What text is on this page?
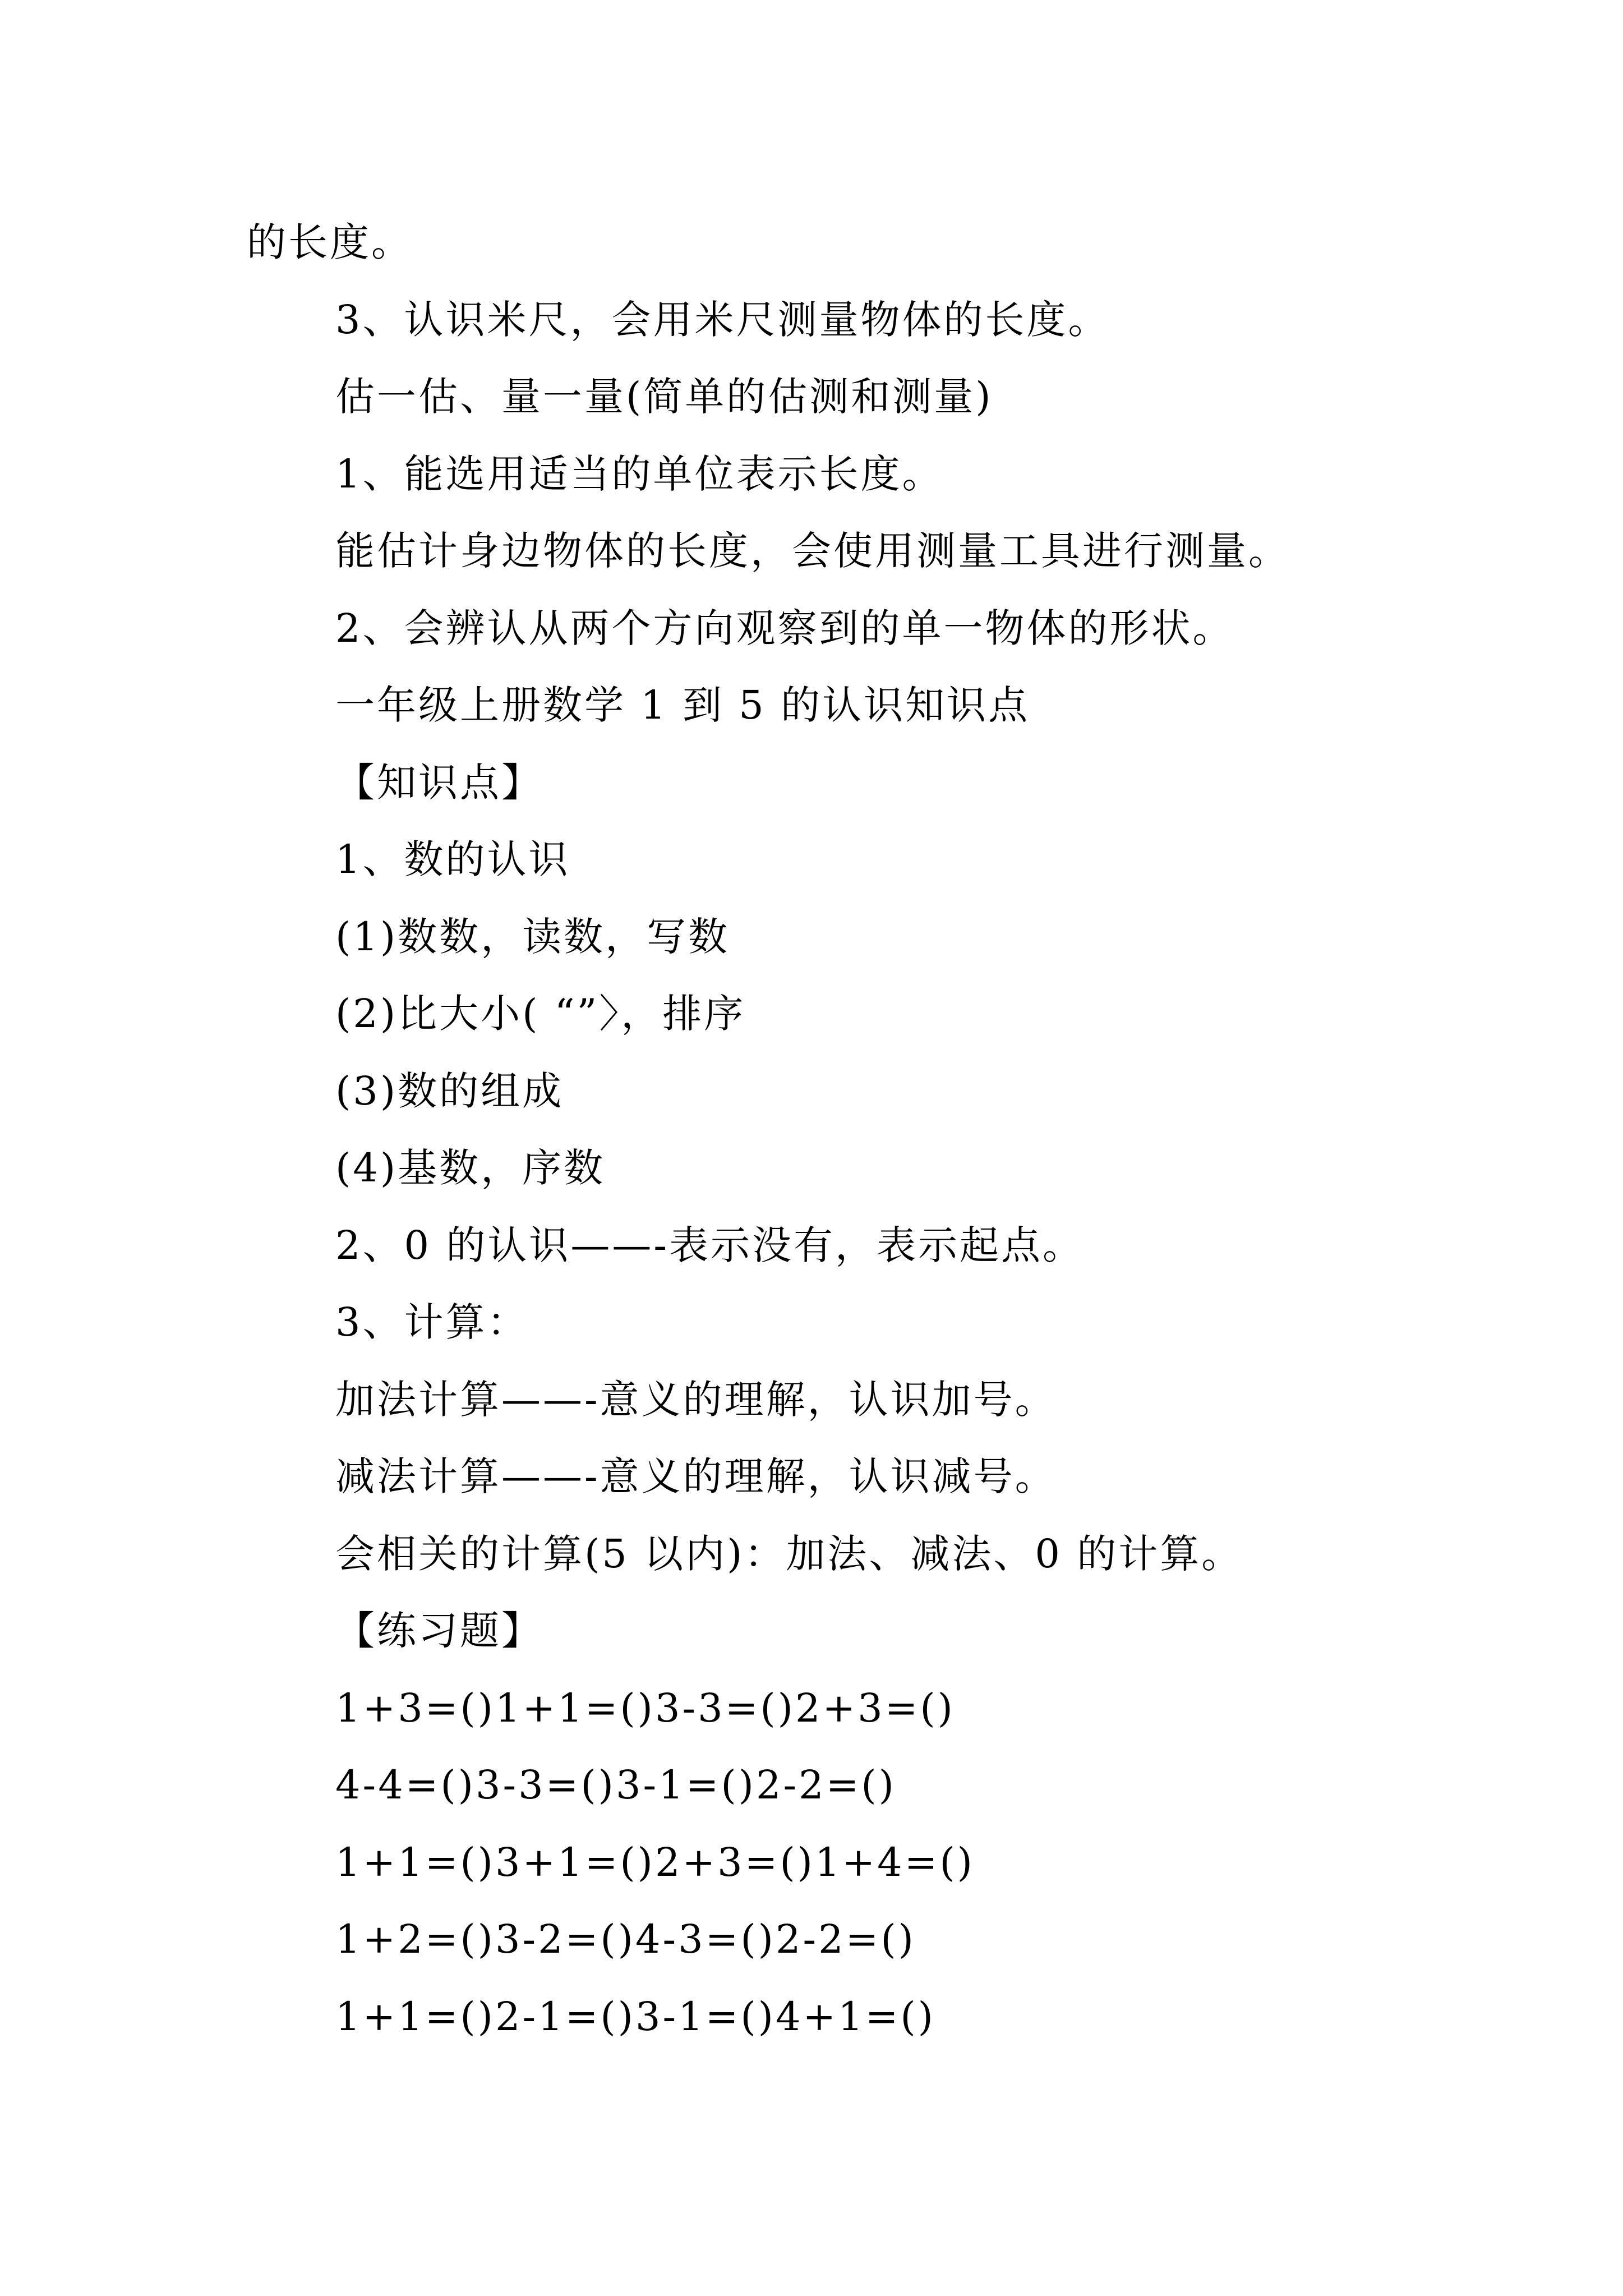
的长度。
3、认识米尺，会用米尺测量物体的长度。
估一估、量一量(简单的估测和测量)
1、能选用适当的单位表示长度。
能估计身边物体的长度，会使用测量工具进行测量。
2、会辨认从两个方向观察到的单一物体的形状。
一年级上册数学 1 到 5 的认识知识点
【知识点】
1、数的认识
(1)数数，读数，写数
(2)比大小( “”〉，排序
(3)数的组成
(4)基数，序数
2、0 的认识——-表示没有，表示起点。
3、计算：
加法计算——-意义的理解，认识加号。
减法计算——-意义的理解，认识减号。
会相关的计算(5 以内)：加法、减法、0 的计算。
【练习题】
1+3=()1+1=()3-3=()2+3=()
4-4=()3-3=()3-1=()2-2=()
1+1=()3+1=()2+3=()1+4=()
1+2=()3-2=()4-3=()2-2=()
1+1=()2-1=()3-1=()4+1=()
